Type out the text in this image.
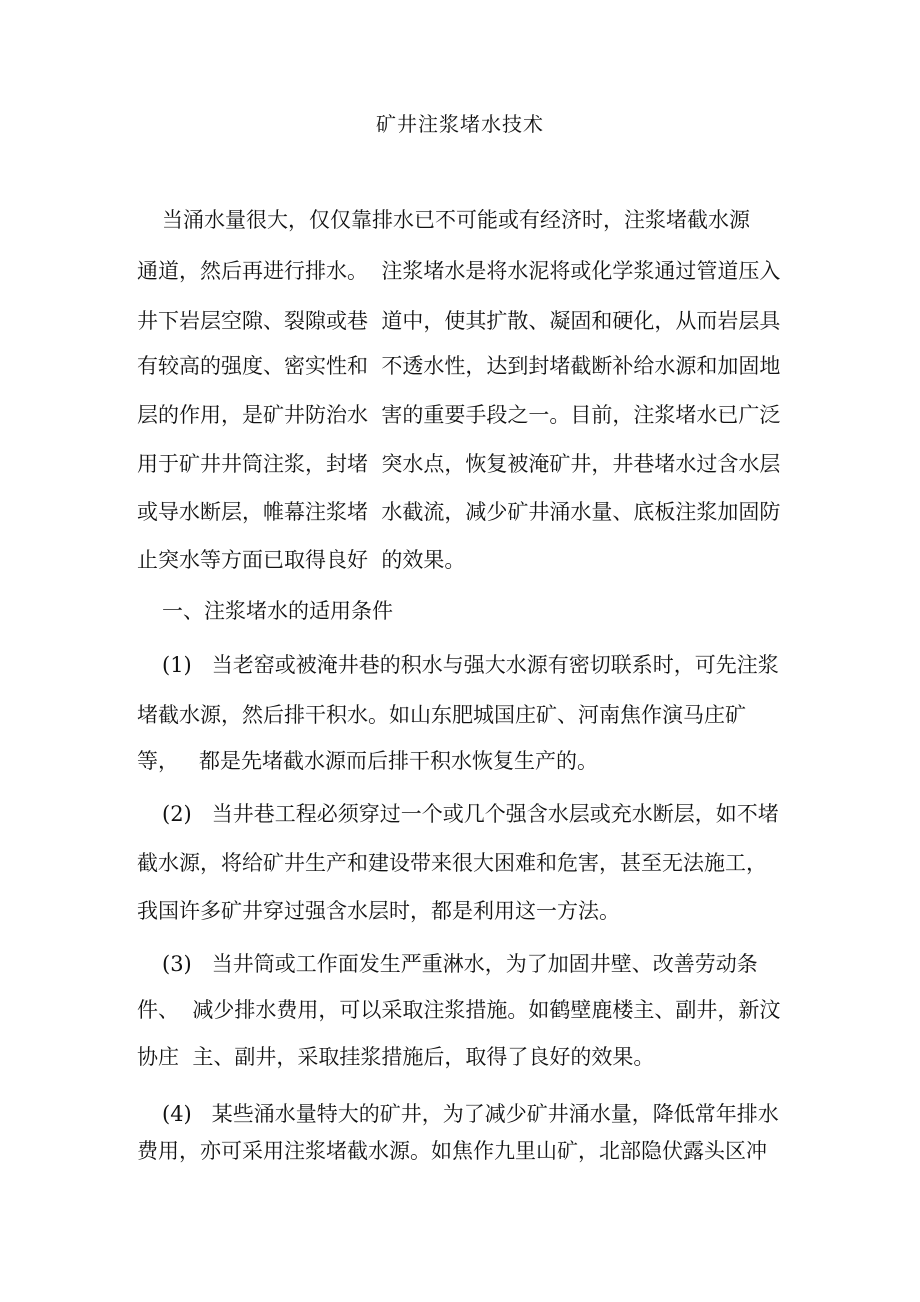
矿井注浆堵水技术
当涌水量很大，仅仅靠排水已不可能或有经济时，注浆堵截水源
通道，然后再进行排水。  注浆堵水是将水泥将或化学浆通过管道压入
井下岩层空隙、裂隙或巷  道中，使其扩散、凝固和硬化，从而岩层具
有较高的强度、密实性和  不透水性，达到封堵截断补给水源和加固地
层的作用，是矿井防治水  害的重要手段之一。目前，注浆堵水已广泛
用于矿井井筒注浆，封堵  突水点，恢复被淹矿井，井巷堵水过含水层
或导水断层，帷幕注浆堵  水截流，减少矿井涌水量、底板注浆加固防
止突水等方面已取得良好  的效果。
一、注浆堵水的适用条件
(1)   当老窑或被淹井巷的积水与强大水源有密切联系时，可先注浆
堵截水源，然后排干积水。如山东肥城国庄矿、河南焦作演马庄矿
等，   都是先堵截水源而后排干积水恢复生产的。
(2)   当井巷工程必须穿过一个或几个强含水层或充水断层，如不堵
截水源，将给矿井生产和建设带来很大困难和危害，甚至无法施工，
我国许多矿井穿过强含水层时，都是利用这一方法。
(3)   当井筒或工作面发生严重淋水，为了加固井壁、改善劳动条
件、  减少排水费用，可以采取注浆措施。如鹤壁鹿楼主、副井，新汶
协庄  主、副井，采取挂浆措施后，取得了良好的效果。
(4)   某些涌水量特大的矿井，为了减少矿井涌水量，降低常年排水
费用，亦可采用注浆堵截水源。如焦作九里山矿，北部隐伏露头区冲
